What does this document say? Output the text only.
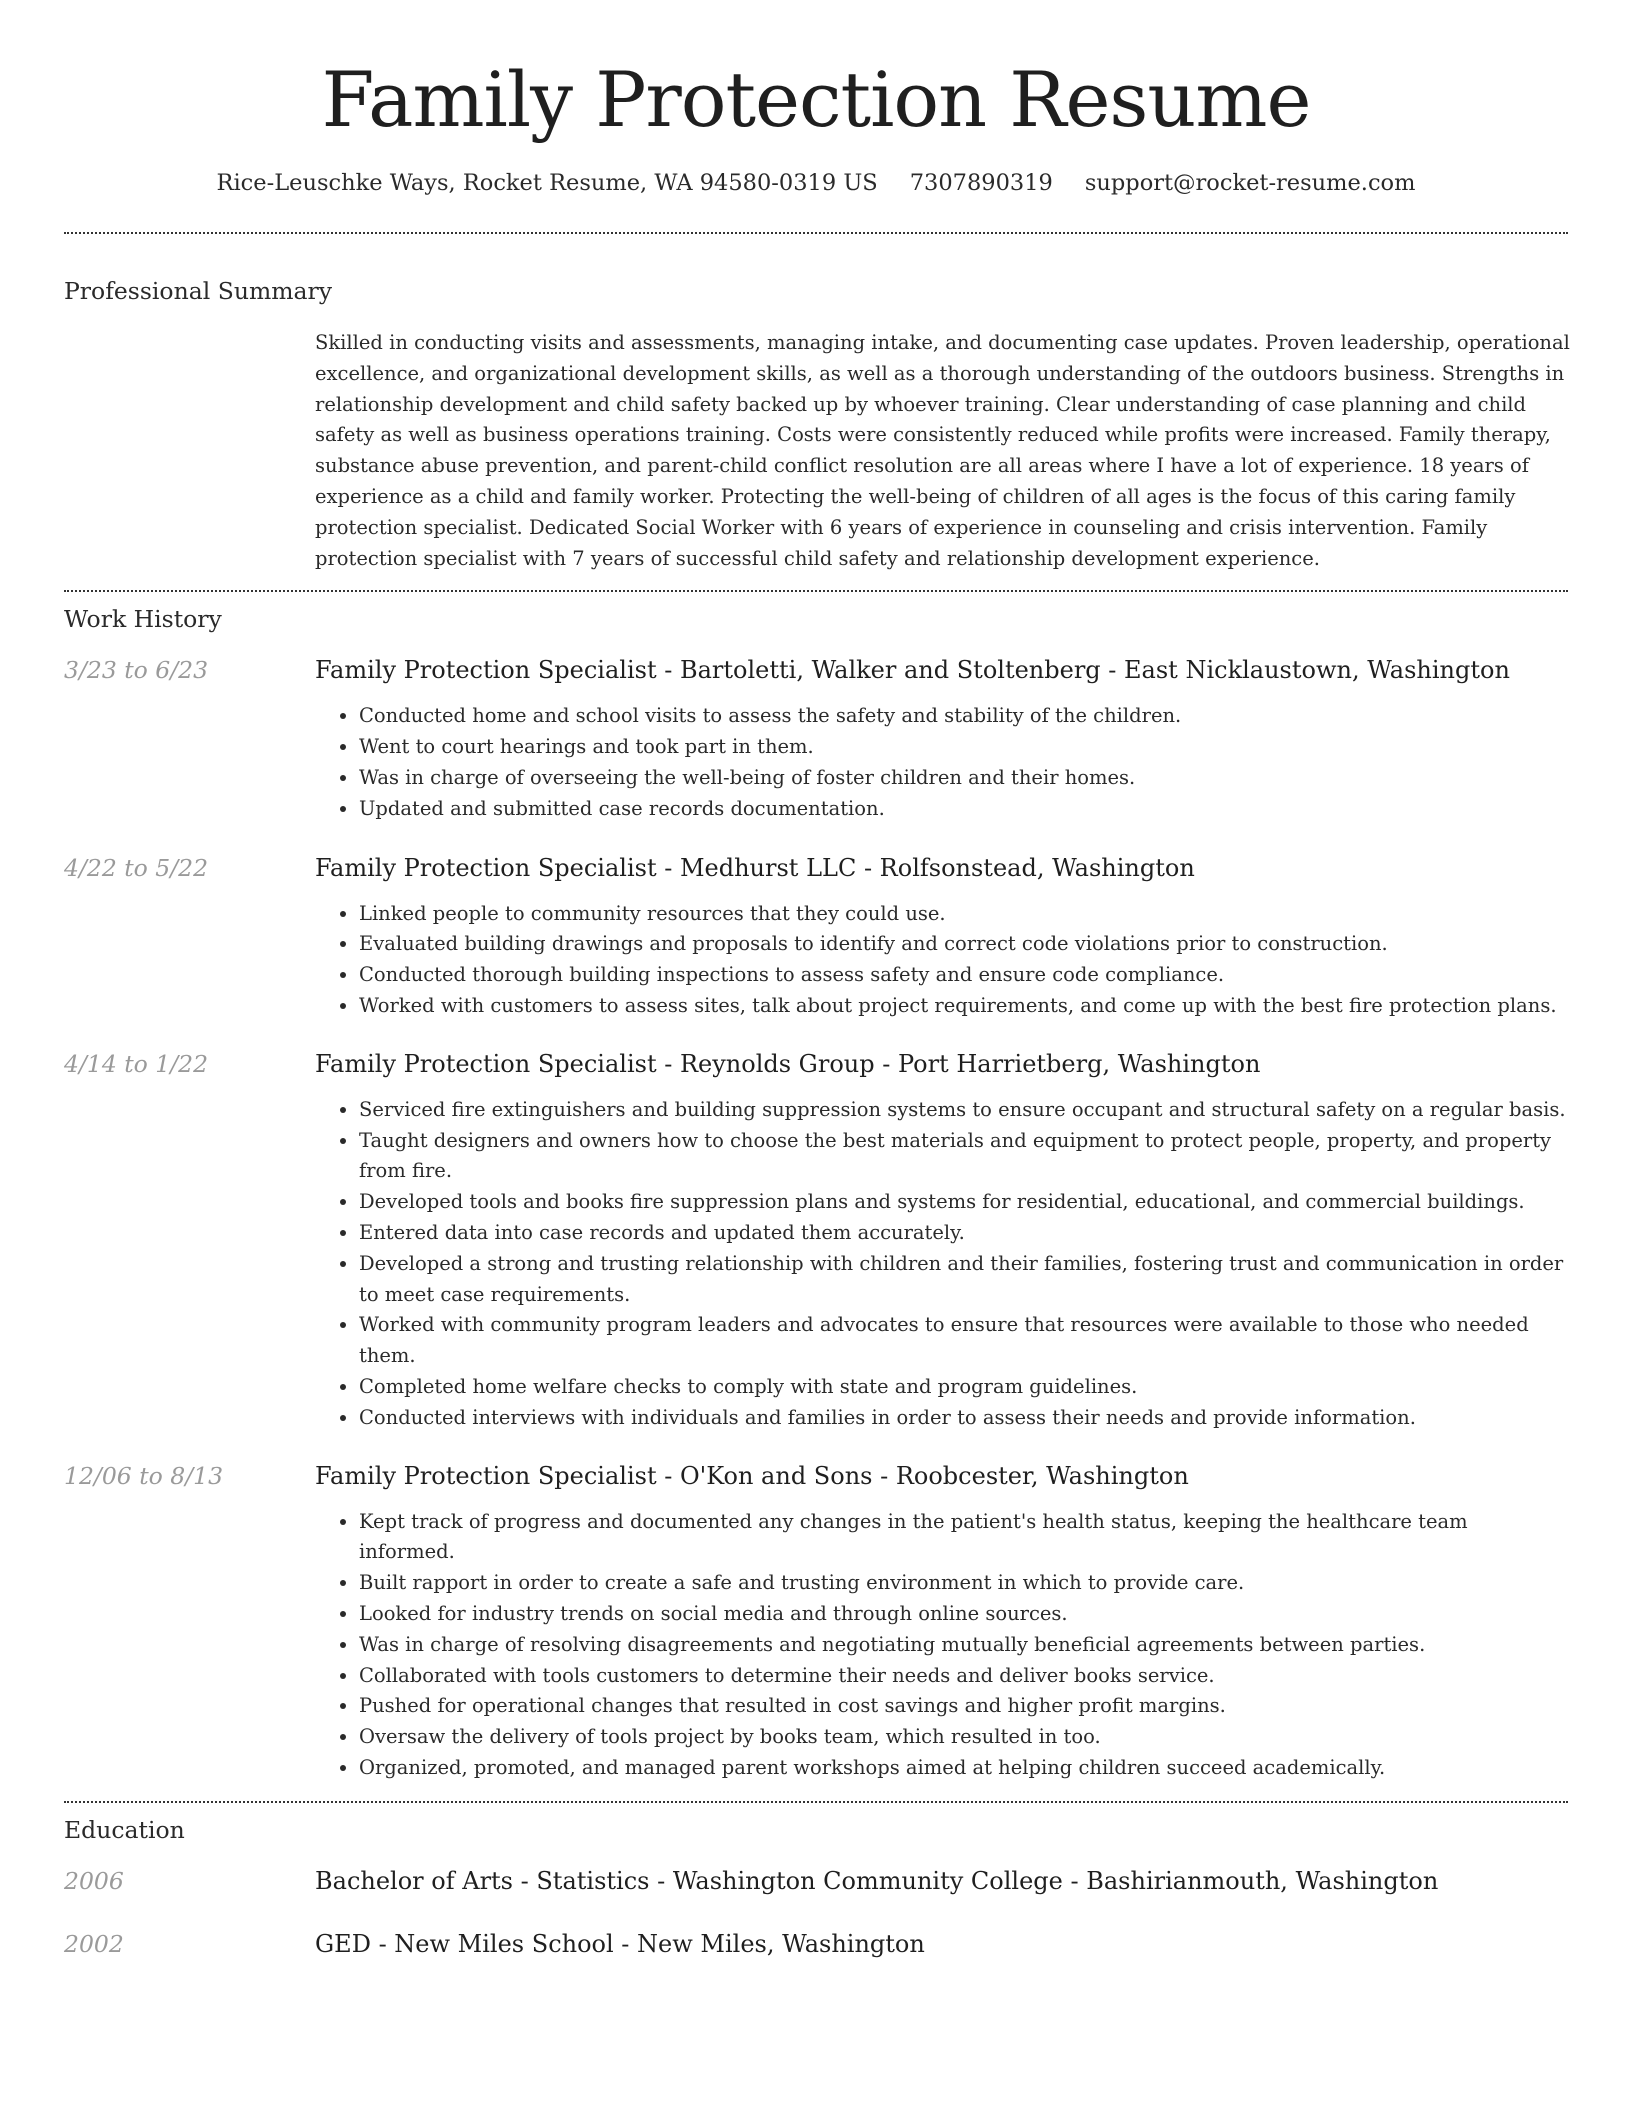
Family Protection Resume
Rice-Leuschke Ways, Rocket Resume, WA 94580-0319 US 7307890319 support@rocket-resume.com
Professional Summary

Skilled in conducting visits and assessments, managing intake, and documenting case updates. Proven leadership, operational excellence, and organizational development skills, as well as a thorough understanding of the outdoors business. Strengths in relationship development and child safety backed up by whoever training. Clear understanding of case planning and child safety as well as business operations training. Costs were consistently reduced while profits were increased. Family therapy, substance abuse prevention, and parent-child conflict resolution are all areas where I have a lot of experience. 18 years of experience as a child and family worker. Protecting the well-being of children of all ages is the focus of this caring family protection specialist. Dedicated Social Worker with 6 years of experience in counseling and crisis intervention. Family protection specialist with 7 years of successful child safety and relationship development experience.

Work History
3/23 to 6/23	Family Protection Specialist - Bartoletti, Walker and Stoltenberg - East Nicklaustown, Washington
• Conducted home and school visits to assess the safety and stability of the children.
• Went to court hearings and took part in them.
• Was in charge of overseeing the well-being of foster children and their homes.
• Updated and submitted case records documentation.
4/22 to 5/22	Family Protection Specialist - Medhurst LLC - Rolfsonstead, Washington
• Linked people to community resources that they could use.
• Evaluated building drawings and proposals to identify and correct code violations prior to construction.
• Conducted thorough building inspections to assess safety and ensure code compliance.
• Worked with customers to assess sites, talk about project requirements, and come up with the best fire protection plans.
4/14 to 1/22	Family Protection Specialist - Reynolds Group - Port Harrietberg, Washington
• Serviced fire extinguishers and building suppression systems to ensure occupant and structural safety on a regular basis.
• Taught designers and owners how to choose the best materials and equipment to protect people, property, and property from fire.
• Developed tools and books fire suppression plans and systems for residential, educational, and commercial buildings.
• Entered data into case records and updated them accurately.
• Developed a strong and trusting relationship with children and their families, fostering trust and communication in order to meet case requirements.
• Worked with community program leaders and advocates to ensure that resources were available to those who needed them.
• Completed home welfare checks to comply with state and program guidelines.
• Conducted interviews with individuals and families in order to assess their needs and provide information.
12/06 to 8/13	Family Protection Specialist - O'Kon and Sons - Roobcester, Washington
• Kept track of progress and documented any changes in the patient's health status, keeping the healthcare team informed.
• Built rapport in order to create a safe and trusting environment in which to provide care.
• Looked for industry trends on social media and through online sources.
• Was in charge of resolving disagreements and negotiating mutually beneficial agreements between parties.
• Collaborated with tools customers to determine their needs and deliver books service.
• Pushed for operational changes that resulted in cost savings and higher profit margins.
• Oversaw the delivery of tools project by books team, which resulted in too.
• Organized, promoted, and managed parent workshops aimed at helping children succeed academically.
Education
2006	Bachelor of Arts - Statistics - Washington Community College - Bashirianmouth, Washington
2002	GED - New Miles School - New Miles, Washington
